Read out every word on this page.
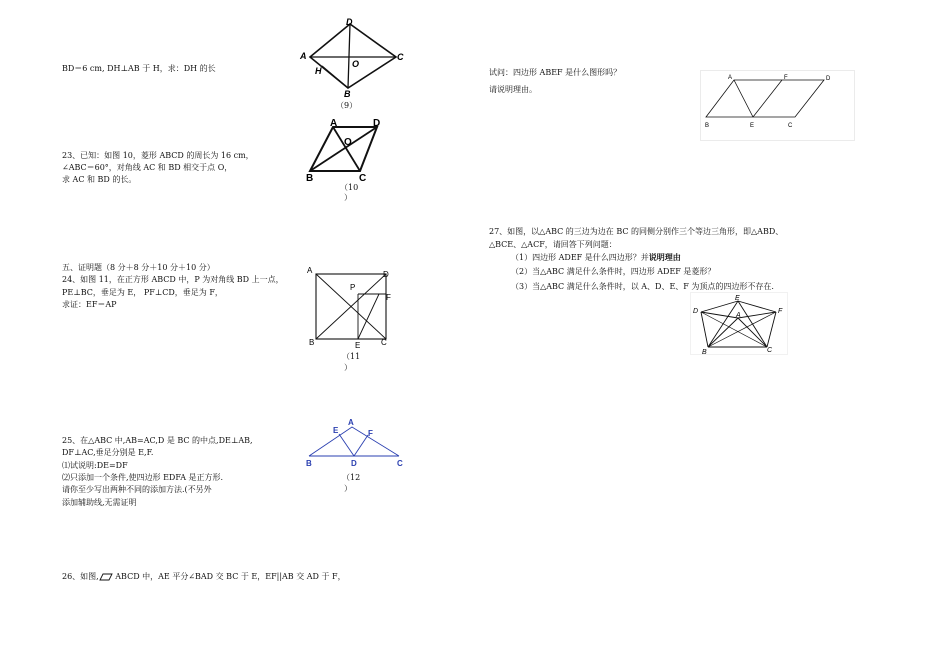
BD＝6 cm, DH⊥AB 于 H，求：DH 的长
D
A	C
B
H
O
（9）
23、已知：如图 10，菱形 ABCD 的周长为 16 cm，
∠ABC＝60°，对角线 AC 和 BD 相交于点 O，
求 AC 和 BD 的长。
A	D
O
B	C
（10
）
五、证明题（8 分＋8 分＋10 分＋10 分）
24、如图 11，在正方形 ABCD 中，P 为对角线 BD 上一点，
PE⊥BC，垂足为 E， PF⊥CD，垂足为 F，
求证：EF＝AP
A	D
P
F
B	C
E
（11
）
25、在△ABC 中,AB=AC,D 是 BC 的中点,DE⊥AB,
DF⊥AC,垂足分别是 E,F.
⑴试说明:DE=DF
⑵只添加一个条件,使四边形 EDFA 是正方形.
请你至少写出两种不同的添加方法.(不另外
添加辅助线,无需证明
A
E	F
B	D	C
（12
）
26、如图, ABCD 中，AE 平分∠BAD 交 BC 于 E，EF||AB 交 AD 于 F，
试问：四边形 ABEF 是什么图形吗？
请说明理由。
A	F	D
B	E	C
27、如图，以△ABC 的三边为边在 BC 的同侧分别作三个等边三角形，即△ABD、
△BCE、△ACF，请回答下列问题：
（1）四边形 ADEF 是什么四边形？并说明理由
（2）当△ABC 满足什么条件时，四边形 ADEF 是菱形？
（3）当△ABC 满足什么条件时，以 A、D、E、F 为顶点的四边形不存在.
E
D	F
A
B	C
